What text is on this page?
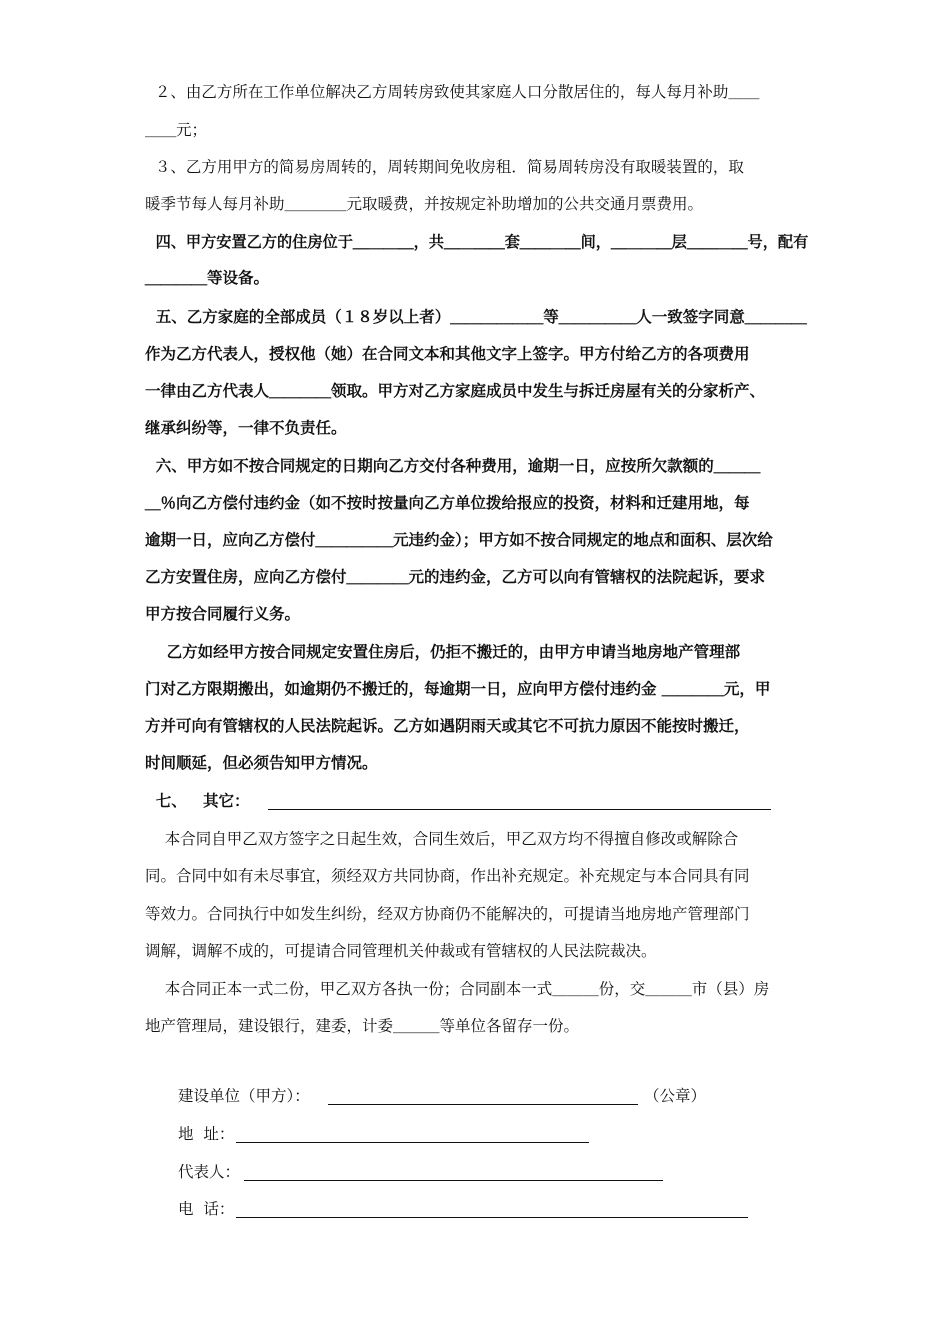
２、由乙方所在工作单位解决乙方周转房致使其家庭人口分散居住的，每人每月补助＿＿
＿＿元；
３、乙方用甲方的简易房周转的，周转期间免收房租．简易周转房没有取暖装置的，取
暖季节每人每月补助＿＿＿＿元取暖费，并按规定补助增加的公共交通月票费用。
四、甲方安置乙方的住房位于＿＿＿＿，共＿＿＿＿套＿＿＿＿间，＿＿＿＿层＿＿＿＿号，配有
＿＿＿＿等设备。
五、乙方家庭的全部成员（１８岁以上者）＿＿＿＿＿＿等＿＿＿＿＿人一致签字同意＿＿＿＿
作为乙方代表人，授权他（她）在合同文本和其他文字上签字。甲方付给乙方的各项费用
一律由乙方代表人＿＿＿＿领取。甲方对乙方家庭成员中发生与拆迁房屋有关的分家析产、
继承纠纷等，一律不负责任。
六、甲方如不按合同规定的日期向乙方交付各种费用，逾期一日，应按所欠款额的＿＿＿
＿％向乙方偿付违约金（如不按时按量向乙方单位拨给报应的投资，材料和迁建用地，每
逾期一日，应向乙方偿付＿＿＿＿＿元违约金）；甲方如不按合同规定的地点和面积、层次给
乙方安置住房，应向乙方偿付＿＿＿＿元的违约金，乙方可以向有管辖权的法院起诉，要求
甲方按合同履行义务。
乙方如经甲方按合同规定安置住房后，仍拒不搬迁的，由甲方申请当地房地产管理部
门对乙方限期搬出，如逾期仍不搬迁的，每逾期一日，应向甲方偿付违约金 ＿＿＿＿元，甲
方并可向有管辖权的人民法院起诉。乙方如遇阴雨天或其它不可抗力原因不能按时搬迁，
时间顺延，但必须告知甲方情况。
七、   其它：
本合同自甲乙双方签字之日起生效，合同生效后，甲乙双方均不得擅自修改或解除合
同。合同中如有未尽事宜，须经双方共同协商，作出补充规定。补充规定与本合同具有同
等效力。合同执行中如发生纠纷，经双方协商仍不能解决的，可提请当地房地产管理部门
调解，调解不成的，可提请合同管理机关仲裁或有管辖权的人民法院裁决。
本合同正本一式二份，甲乙双方各执一份；合同副本一式＿＿＿份，交＿＿＿市（县）房
地产管理局，建设银行，建委，计委＿＿＿等单位各留存一份。
建设单位（甲方）：	（公章）
地  址：
代表人：
电  话：
